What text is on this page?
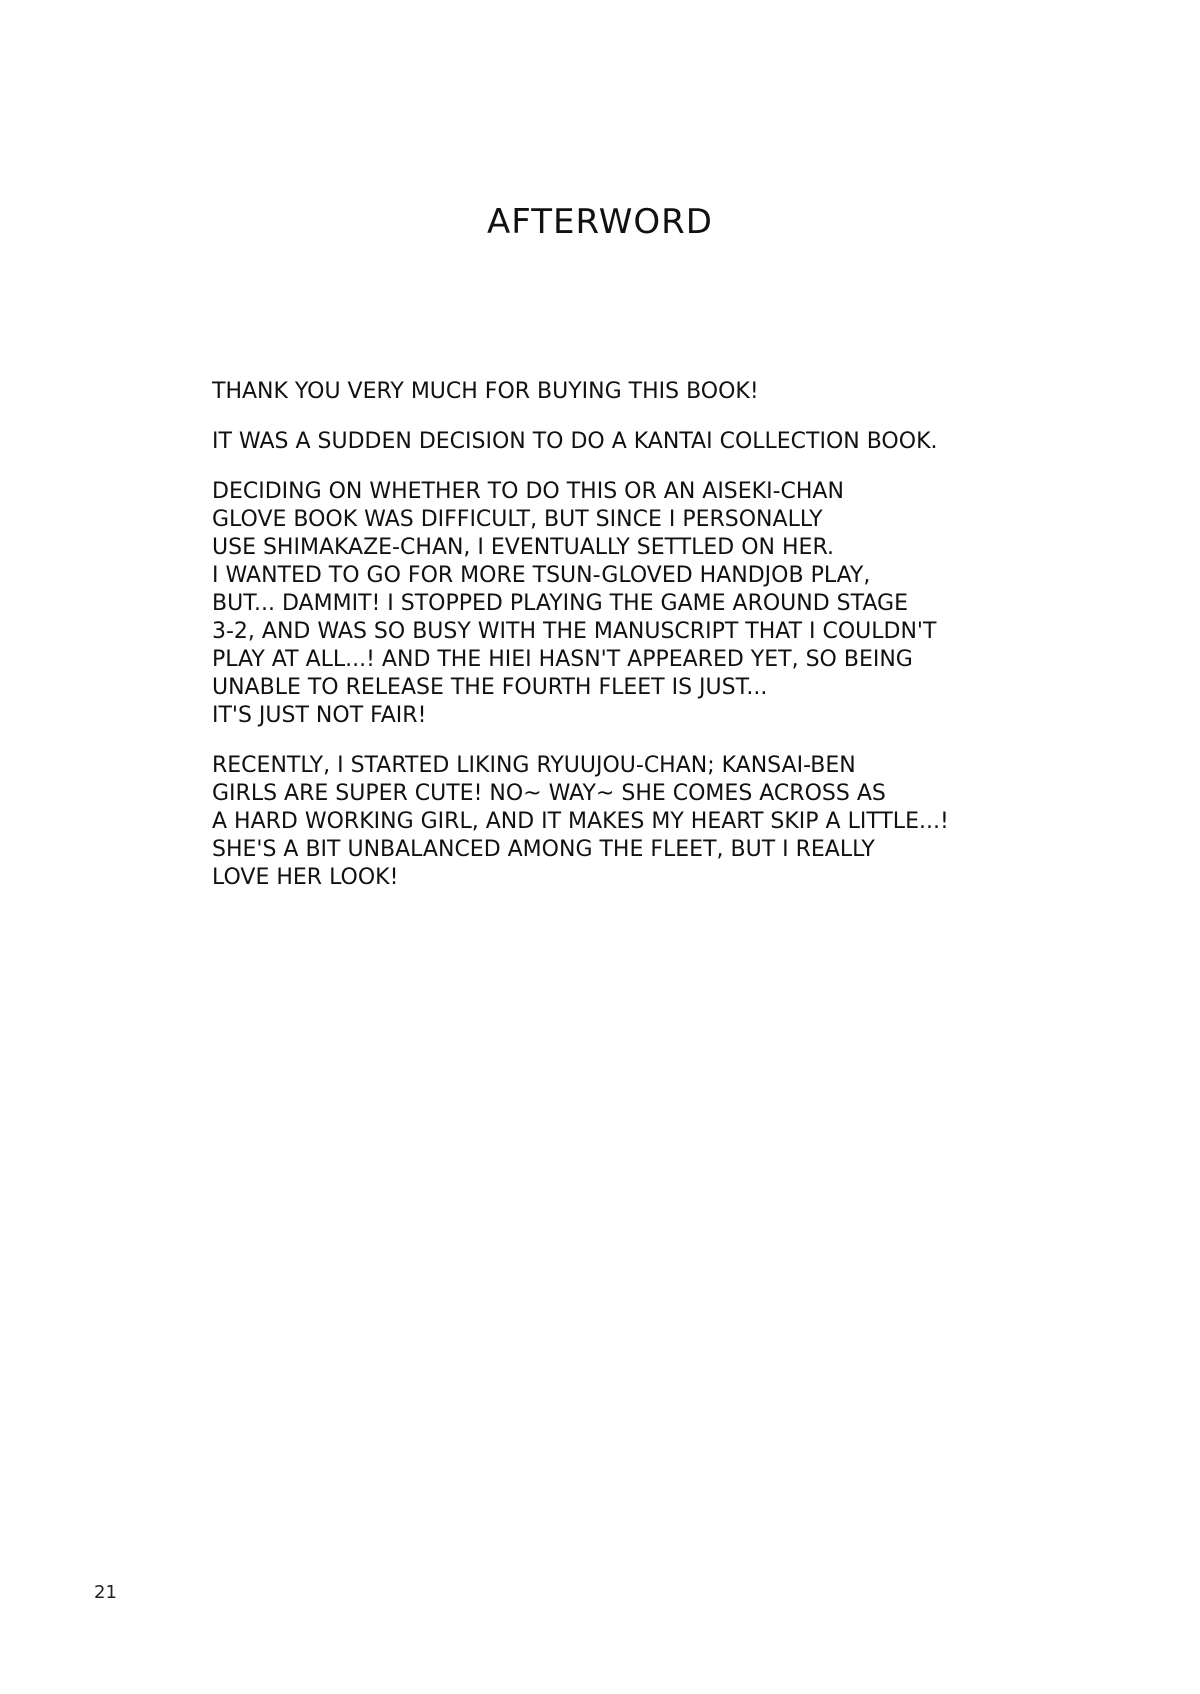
AFTERWORD

THANK YOU VERY MUCH FOR BUYING THIS BOOK!

IT WAS A SUDDEN DECISION TO DO A KANTAI COLLECTION BOOK.

DECIDING ON WHETHER TO DO THIS OR AN AISEKI-CHAN
GLOVE BOOK WAS DIFFICULT, BUT SINCE I PERSONALLY
USE SHIMAKAZE-CHAN, I EVENTUALLY SETTLED ON HER.
I WANTED TO GO FOR MORE TSUN-GLOVED HANDJOB PLAY,
BUT... DAMMIT! I STOPPED PLAYING THE GAME AROUND STAGE
3-2, AND WAS SO BUSY WITH THE MANUSCRIPT THAT I COULDN'T
PLAY AT ALL...! AND THE HIEI HASN'T APPEARED YET, SO BEING
UNABLE TO RELEASE THE FOURTH FLEET IS JUST...
IT'S JUST NOT FAIR!

RECENTLY, I STARTED LIKING RYUUJOU-CHAN; KANSAI-BEN
GIRLS ARE SUPER CUTE! NO~ WAY~ SHE COMES ACROSS AS
A HARD WORKING GIRL, AND IT MAKES MY HEART SKIP A LITTLE...!
SHE'S A BIT UNBALANCED AMONG THE FLEET, BUT I REALLY
LOVE HER LOOK!

21
